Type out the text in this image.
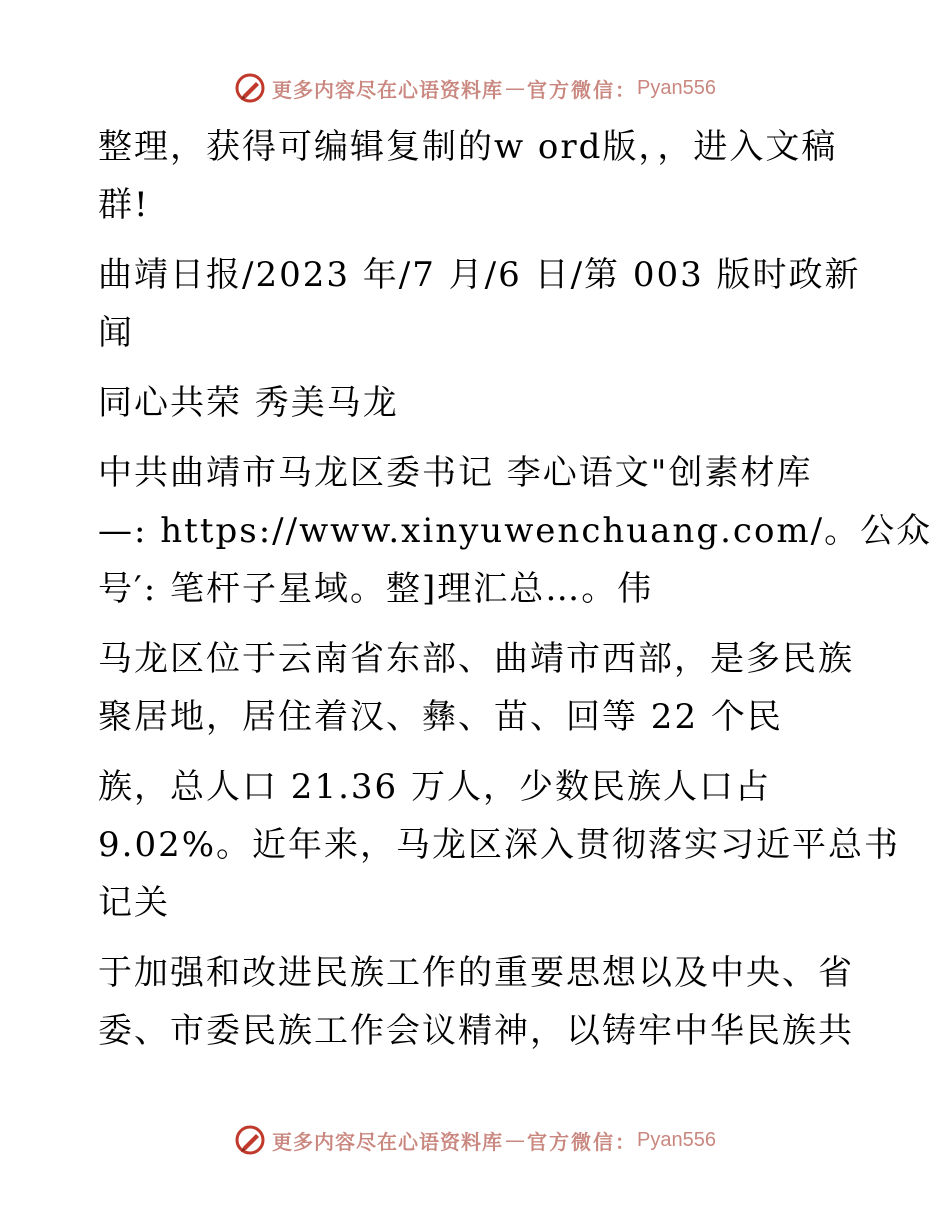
更多内容尽在心语资料库 — 官方微信： Pyan556
整理，获得可编辑复制的w ord版，，进入文稿
群!
曲靖日报/2023 年/7 月/6 日/第 003 版时政新
闻
同心共荣 秀美马龙
中共曲靖市马龙区委书记 李心语文"创素材库
—: https://www.xinyuwenchuang.com/。公众
号′: 笔杆子星域。整]理汇总…。伟
马龙区位于云南省东部、曲靖市西部，是多民族
聚居地，居住着汉、彝、苗、回等 22 个民
族，总人口 21.36 万人，少数民族人口占
9.02%。近年来，马龙区深入贯彻落实习近平总书
记关
于加强和改进民族工作的重要思想以及中央、省
委、市委民族工作会议精神，以铸牢中华民族共
更多内容尽在心语资料库 — 官方微信： Pyan556
